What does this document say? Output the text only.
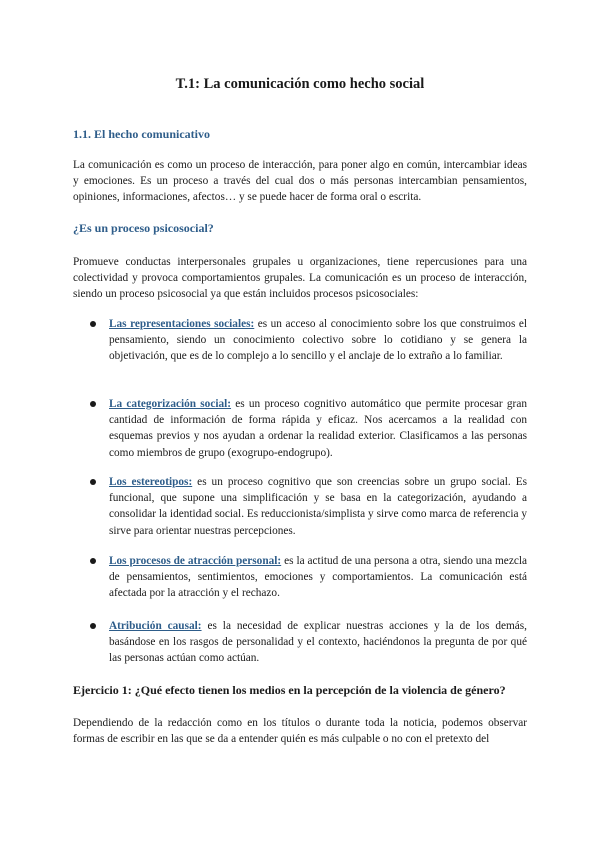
T.1: La comunicación como hecho social
1.1. El hecho comunicativo

La comunicación es como un proceso de interacción, para poner algo en común, intercambiar ideas y emociones. Es un proceso a través del cual dos o más personas intercambian pensamientos, opiniones, informaciones, afectos… y se puede hacer de forma oral o escrita.

¿Es un proceso psicosocial?

Promueve conductas interpersonales grupales u organizaciones, tiene repercusiones para una colectividad y provoca comportamientos grupales. La comunicación es un proceso de interacción, siendo un proceso psicosocial ya que están incluidos procesos psicosociales:

Las representaciones sociales: es un acceso al conocimiento sobre los que construimos el pensamiento, siendo un conocimiento colectivo sobre lo cotidiano y se genera la objetivación, que es de lo complejo a lo sencillo y el anclaje de lo extraño a lo familiar.
La categorización social: es un proceso cognitivo automático que permite procesar gran cantidad de información de forma rápida y eficaz. Nos acercamos a la realidad con esquemas previos y nos ayudan a ordenar la realidad exterior. Clasificamos a las personas como miembros de grupo (exogrupo-endogrupo).
Los estereotipos: es un proceso cognitivo que son creencias sobre un grupo social. Es funcional, que supone una simplificación y se basa en la categorización, ayudando a consolidar la identidad social. Es reduccionista/simplista y sirve como marca de referencia y sirve para orientar nuestras percepciones.
Los procesos de atracción personal: es la actitud de una persona a otra, siendo una mezcla de pensamientos, sentimientos, emociones y comportamientos. La comunicación está afectada por la atracción y el rechazo.
Atribución causal: es la necesidad de explicar nuestras acciones y la de los demás, basándose en los rasgos de personalidad y el contexto, haciéndonos la pregunta de por qué las personas actúan como actúan.
Ejercicio 1: ¿Qué efecto tienen los medios en la percepción de la violencia de género?

Dependiendo de la redacción como en los títulos o durante toda la noticia, podemos observar formas de escribir en las que se da a entender quién es más culpable o no con el pretexto del
